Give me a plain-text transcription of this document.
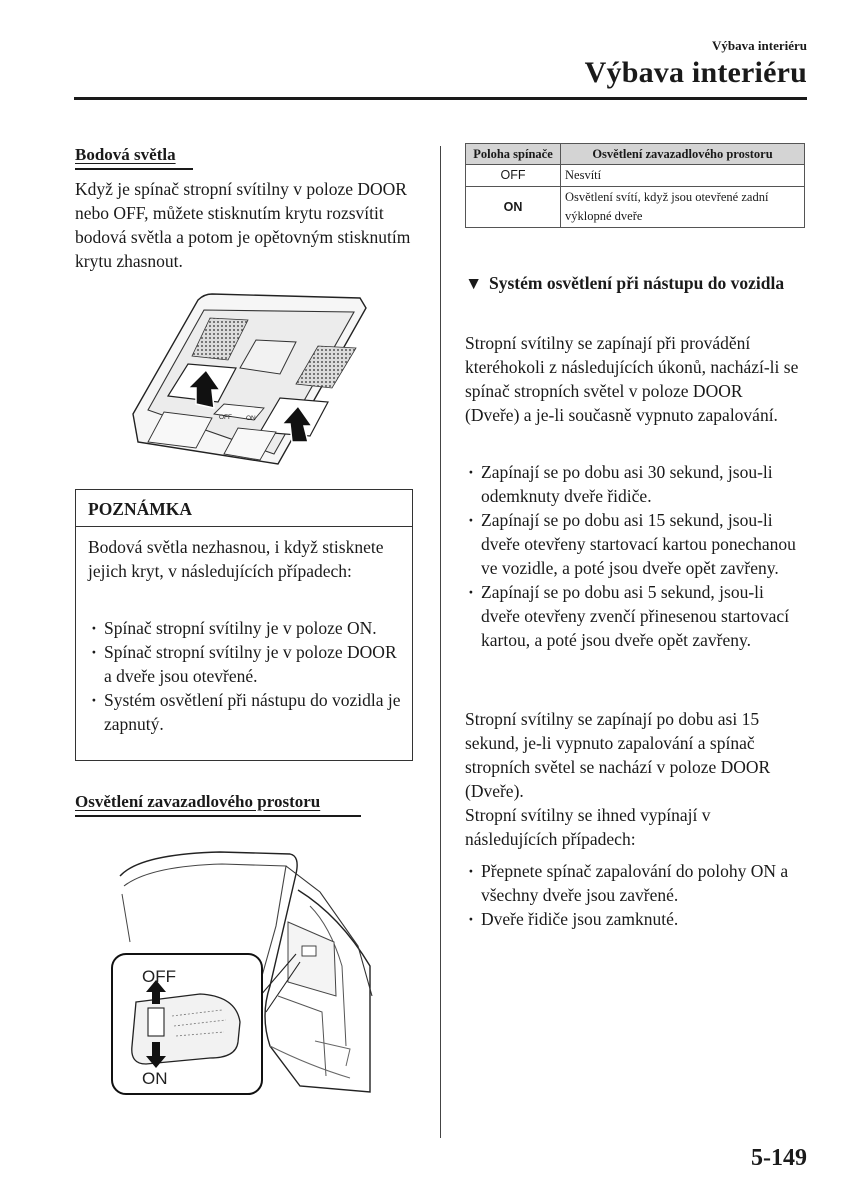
Výbava interiéru
Výbava interiéru
Bodová světla
Když je spínač stropní svítilny v poloze DOOR nebo OFF, můžete stisknutím krytu rozsvítit bodová světla a potom je opětovným stisknutím krytu zhasnout.
OFF ON
POZNÁMKA
Bodová světla nezhasnou, i když stisknete jejich kryt, v následujících případech:
· Spínač stropní svítilny je v poloze ON.
· Spínač stropní svítilny je v poloze DOOR a dveře jsou otevřené.
· Systém osvětlení při nástupu do vozidla je zapnutý.
Osvětlení zavazadlového prostoru
OFF
ON
Poloha spínače	Osvětlení zavazadlového prostoru
OFF	Nesvítí
ON	Osvětlení svítí, když jsou otevřené zadní výklopné dveře
▼ Systém osvětlení při nástupu do vozidla
Stropní svítilny se zapínají při provádění kteréhokoli z následujících úkonů, nachází-li se spínač stropních světel v poloze DOOR (Dveře) a je-li současně vypnuto zapalování.
· Zapínají se po dobu asi 30 sekund, jsou-li odemknuty dveře řidiče.
· Zapínají se po dobu asi 15 sekund, jsou-li dveře otevřeny startovací kartou ponechanou ve vozidle, a poté jsou dveře opět zavřeny.
· Zapínají se po dobu asi 5 sekund, jsou-li dveře otevřeny zvenčí přinesenou startovací kartou, a poté jsou dveře opět zavřeny.
Stropní svítilny se zapínají po dobu asi 15 sekund, je-li vypnuto zapalování a spínač stropních světel se nachází v poloze DOOR (Dveře).
Stropní svítilny se ihned vypínají v následujících případech:
· Přepnete spínač zapalování do polohy ON a všechny dveře jsou zavřené.
· Dveře řidiče jsou zamknuté.
5-149
